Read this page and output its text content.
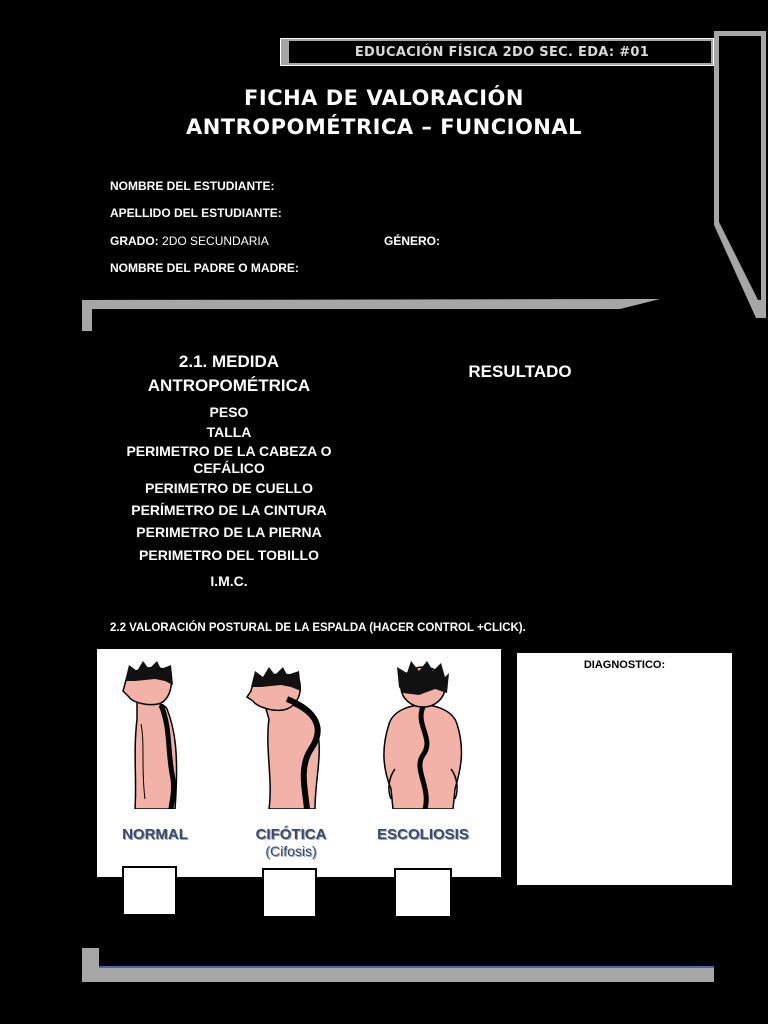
EDUCACIÓN FÍSICA 2DO SEC. EDA: #01
FICHA DE VALORACIÓN
ANTROPOMÉTRICA – FUNCIONAL
NOMBRE DEL ESTUDIANTE:
APELLIDO DEL ESTUDIANTE:
GRADO: 2DO SECUNDARIA	GÉNERO:
NOMBRE DEL PADRE O MADRE:
2.1. MEDIDA
ANTROPOMÉTRICA
RESULTADO
PESO
TALLA
PERIMETRO DE LA CABEZA O
CEFÁLICO
PERIMETRO DE CUELLO
PERÍMETRO DE LA CINTURA
PERIMETRO DE LA PIERNA
PERIMETRO DEL TOBILLO
I.M.C.
2.2 VALORACIÓN POSTURAL DE LA ESPALDA (HACER CONTROL +CLICK).
NORMAL	CIFÓTICA
(Cifosis)
ESCOLIOSIS
DIAGNOSTICO:
